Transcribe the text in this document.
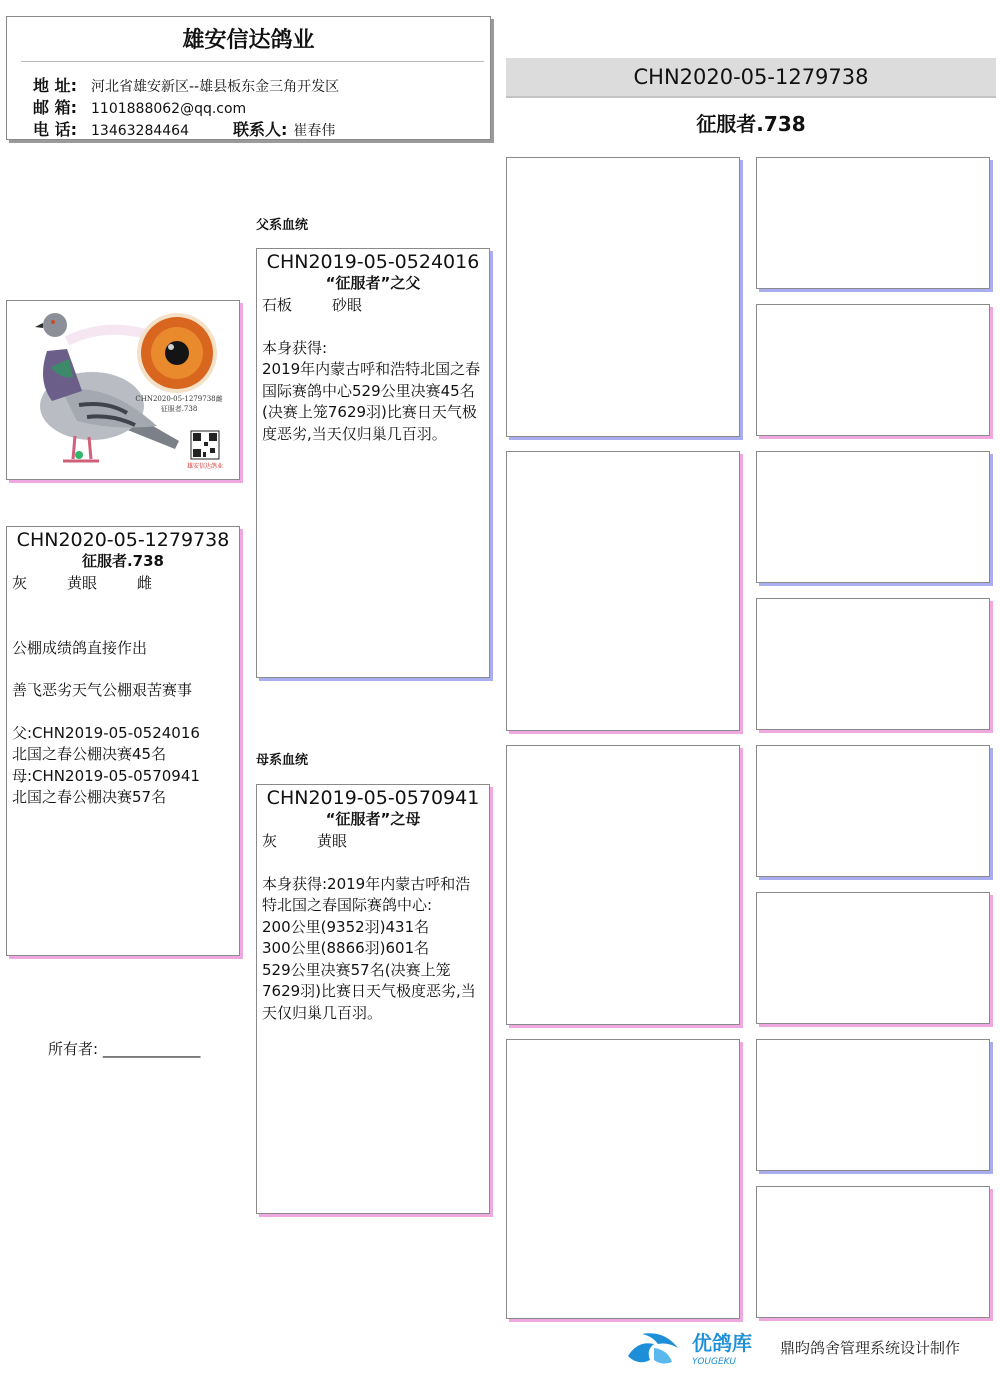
雄安信达鸽业
地 址: 河北省雄安新区--雄县板东金三角开发区
邮 箱: 1101888062@qq.com
电 话: 13463284464	联系人: 崔春伟
CHN2020-05-1279738
征服者.738
CHN2020-05-1279738雌
征服者.738
雄安信达鸽业
CHN2020-05-1279738
征服者.738
灰	黄眼	雌

公棚成绩鸽直接作出

善飞恶劣天气公棚艰苦赛事

父:CHN2019-05-0524016

北国之春公棚决赛45名

母:CHN2019-05-0570941

北国之春公棚决赛57名

所有者: _____________
父系血统
CHN2019-05-0524016
“征服者”之父
石板	砂眼

本身获得:

2019年内蒙古呼和浩特北国之春国际赛鸽中心529公里决赛45名(决赛上笼7629羽)比赛日天气极度恶劣,当天仅归巢几百羽。

母系血统
CHN2019-05-0570941
“征服者”之母
灰	黄眼

本身获得:2019年内蒙古呼和浩特北国之春国际赛鸽中心:

200公里(9352羽)431名

300公里(8866羽)601名

529公里决赛57名(决赛上笼7629羽)比赛日天气极度恶劣,当天仅归巢几百羽。

优鸽库
YOUGEKU
鼎昀鸽舍管理系统设计制作
